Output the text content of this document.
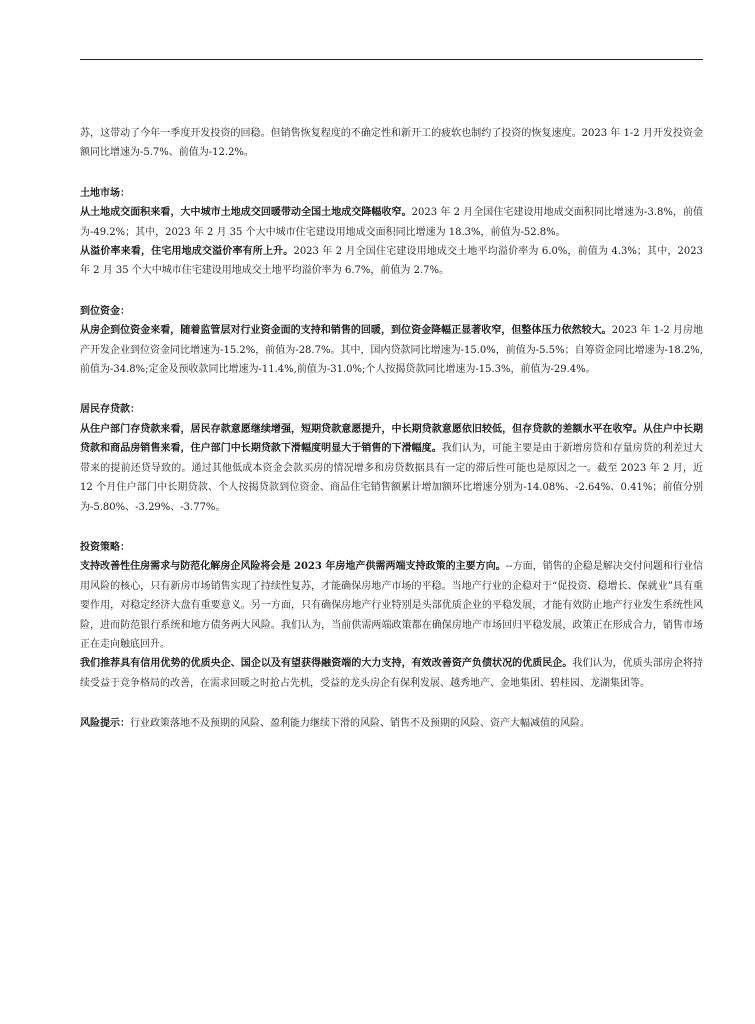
苏，这带动了今年一季度开发投资的回稳。但销售恢复程度的不确定性和新开工的疲软也制约了投资的恢复速度。2023 年 1-2 月开发投资金额同比增速为-5.7%、前值为-12.2%。

土地市场：

从土地成交面积来看，大中城市土地成交回暖带动全国土地成交降幅收窄。2023 年 2 月全国住宅建设用地成交面积同比增速为-3.8%，前值为-49.2%；其中，2023 年 2 月 35 个大中城市住宅建设用地成交面积同比增速为 18.3%，前值为-52.8%。

从溢价率来看，住宅用地成交溢价率有所上升。2023 年 2 月全国住宅建设用地成交土地平均溢价率为 6.0%，前值为 4.3%；其中，2023 年 2 月 35 个大中城市住宅建设用地成交土地平均溢价率为 6.7%，前值为 2.7%。

到位资金：

从房企到位资金来看，随着监管层对行业资金面的支持和销售的回暖，到位资金降幅正显著收窄，但整体压力依然较大。2023 年 1-2 月房地产开发企业到位资金同比增速为-15.2%，前值为-28.7%。其中，国内贷款同比增速为-15.0%，前值为-5.5%；自筹资金同比增速为-18.2%,前值为-34.8%;定金及预收款同比增速为-11.4%,前值为-31.0%;个人按揭贷款同比增速为-15.3%，前值为-29.4%。

居民存贷款：

从住户部门存贷款来看，居民存款意愿继续增强，短期贷款意愿提升，中长期贷款意愿依旧较低，但存贷款的差额水平在收窄。从住户中长期贷款和商品房销售来看，住户部门中长期贷款下滑幅度明显大于销售的下滑幅度。我们认为，可能主要是由于新增房贷和存量房贷的利差过大带来的提前还贷导致的。通过其他低成本资金会款买房的情况增多和房贷数据具有一定的滞后性可能也是原因之一。截至 2023 年 2 月，近 12 个月住户部门中长期贷款、个人按揭贷款到位资金、商品住宅销售额累计增加额环比增速分别为-14.08%、-2.64%、0.41%；前值分别为-5.80%、-3.29%、-3.77%。

投资策略：

支持改善性住房需求与防范化解房企风险将会是 2023 年房地产供需两端支持政策的主要方向。--方面，销售的企稳是解决交付问题和行业信用风险的核心，只有新房市场销售实现了持续性复苏，才能确保房地产市场的平稳。当地产行业的企稳对于“促投资、稳增长、保就业”具有重要作用，对稳定经济大盘有重要意义。另一方面，只有确保房地产行业特别是头部优质企业的平稳发展，才能有效防止地产行业发生系统性风险，进而防范银行系统和地方债务两大风险。我们认为，当前供需两端政策都在确保房地产市场回归平稳发展，政策正在形成合力，销售市场正在走向触底回升。

我们推荐具有信用优势的优质央企、国企以及有望获得融资端的大力支持，有效改善资产负债状况的优质民企。我们认为，优质头部房企将持续受益于竞争格局的改善，在需求回暖之时抢占先机，受益的龙头房企有保利发展、越秀地产、金地集团、碧桂园、龙湖集团等。

风险提示：行业政策落地不及预期的风险、盈利能力继续下滑的风险、销售不及预期的风险、资产大幅减值的风险。
